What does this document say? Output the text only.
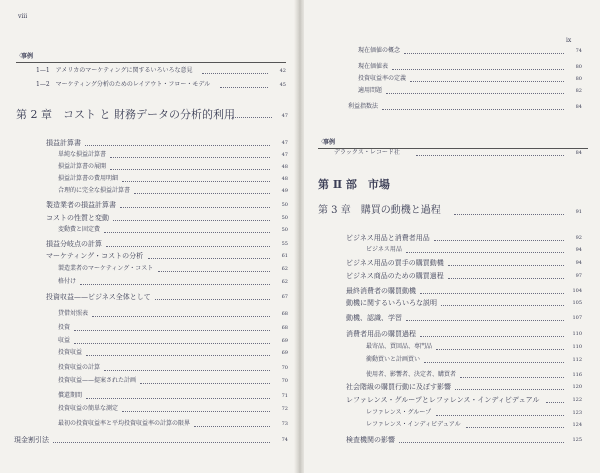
viii
〈
事例
1—1　アメリカのマーケティングに関するいろいろな意見	42
1—2　マーケティング分析のためのレイアウト・フロー・モデル	45
第 2 章　コスト と 財務データの分析的利用	47
損益計算書	47
単純な損益計算書	47
損益計算書の展開	48
損益計算書の費用明細	48
合理的に完全な損益計算書	49
製造業者の損益計算書	50
コストの性質と変動	50
変動費と固定費	50
損益分岐点の計算	55
マーケティング・コストの分析	61
製造業者のマーケティング・コスト	62
格付け	62
投資収益——ビジネス全体として	67
貸借対照表	68
投資	68
収益	69
投資収益	69
投資収益の計算	70
投資収益——提案された計画	70
償還期間	71
投資収益の簡単な測定	72
最初の投資収益率と平均投資収益率の計算の限界	73
現金割引法	74
ix
現在価値の概念	74
現在価値表	80
投資収益率の定義	80
適用問題	82
利益指数法	84
〈
事例
デラックス・レコード社	84
第 Ⅱ 部　市場
第 3 章　購買の動機と過程	91
ビジネス用品と消費者用品	92
ビジネス用品	94
ビジネス用品の買手の購買動機	94
ビジネス商品のための購買過程	97
最終消費者の購買動機	104
動機に関するいろいろな説明	105
動機、認識、学習	107
消費者用品の購買過程	110
最寄品、買回品、専門品	110
衝動買いと計画買い	112
使用者、影響者、決定者、購買者	116
社会階級の購買行動に及ぼす影響	120
レファレンス・グループとレファレンス・インディビデュアル	122
レファレンス・グループ	123
レファレンス・インディビデュアル	124
検査機関の影響	125
